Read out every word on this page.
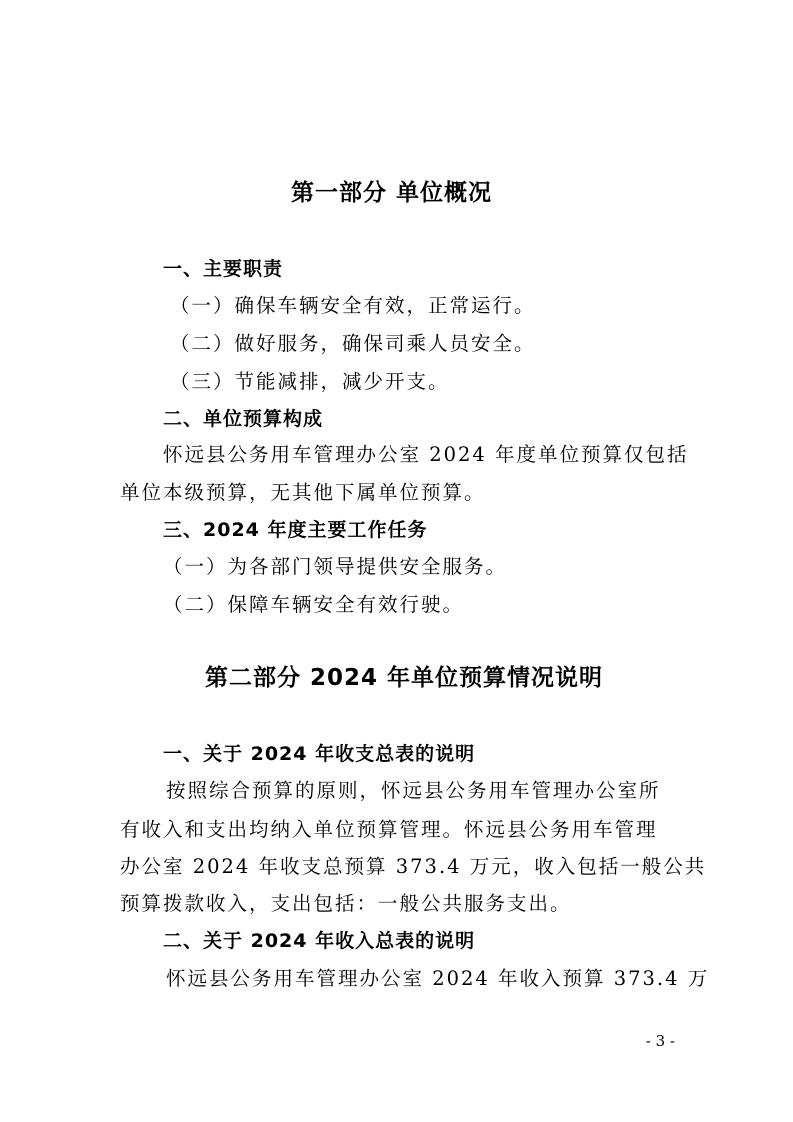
第一部分 单位概况
一、主要职责
（一）确保车辆安全有效，正常运行。
（二）做好服务，确保司乘人员安全。
（三）节能减排，减少开支。
二、单位预算构成
怀远县公务用车管理办公室 2024 年度单位预算仅包括
单位本级预算，无其他下属单位预算。
三、2024 年度主要工作任务
（一）为各部门领导提供安全服务。
（二）保障车辆安全有效行驶。
第二部分 2024 年单位预算情况说明
一、关于 2024 年收支总表的说明
按照综合预算的原则，怀远县公务用车管理办公室所
有收入和支出均纳入单位预算管理。怀远县公务用车管理
办公室 2024 年收支总预算 373.4 万元，收入包括一般公共
预算拨款收入，支出包括：一般公共服务支出。
二、关于 2024 年收入总表的说明
怀远县公务用车管理办公室 2024 年收入预算 373.4 万
- 3 -
